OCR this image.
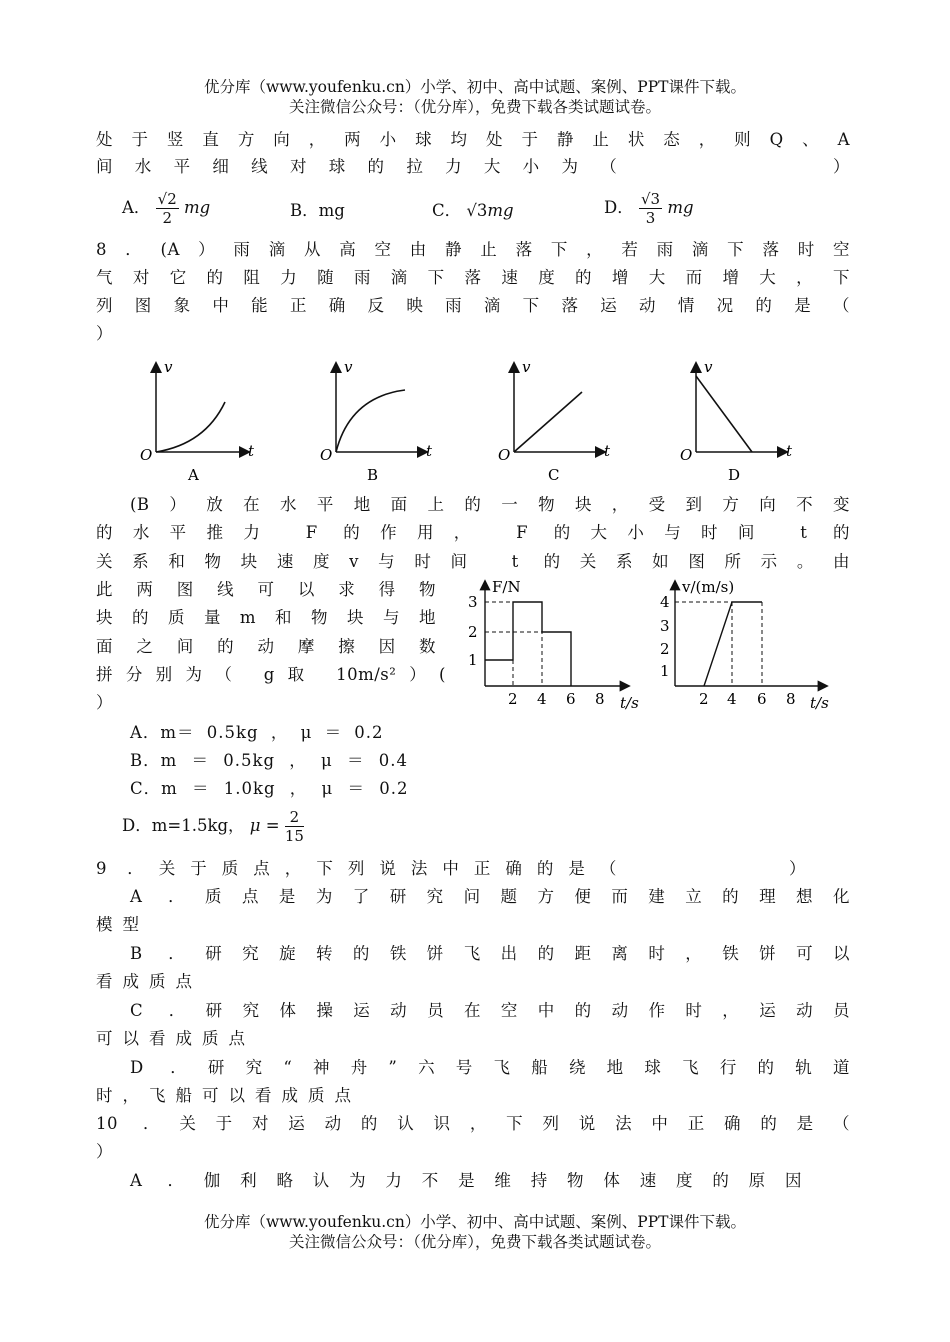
优分库（www.youfenku.cn）小学、初中、高中试题、案例、PPT课件下载。
关注微信公众号：（优分库），免费下载各类试题试卷。
处于竖直方向，两小球均处于静止状态，则Q、A
间水平细线对球的拉力大小为（　　　　　）
A． $\frac{√2}{2}$ mg	B．mg	C． √3mg	D． $\frac{√3}{3}$ mg
8．(A）雨滴从高空由静止落下，若雨滴下落时空
气对它的阻力随雨滴下落速度的增大而增大，下
列图象中能正确反映雨滴下落运动情况的是（
）
v
t
O
A
v
t
O
B
v
t
O
C
v
t
O
D
(B）放在水平地面上的一物块，受到方向不变
的水平推力 F 的作用， F 的大小与时间 t 的
关系和物块速度v与时间 t 的关系如图所示。由
此两图线可以求得物
块的质量m和物块与地
面之间的动摩擦因数
拼分别为（ g取 10m/s²）(
）
F/N
3
2
1
2 4 6 8 t/s
v/(m/s)
4
3
2
1
2 4 6 8 t/s
A．m＝ 0.5kg ， μ ＝ 0.2
B．m ＝ 0.5kg ， μ ＝ 0.4
C．m ＝ 1.0kg ， μ ＝ 0.2
D．m=1.5kg， $\mu = \frac{2}{15}$
9 ．关于质点，下列说法中正确的是（　　　　　）
A ．质点是为了研究问题方便而建立的理想化
模型
B ．研究旋转的铁饼飞出的距离时，铁饼可以
看成质点
C ．研究体操运动员在空中的动作时，运动员
可以看成质点
D ．研究“神舟”六号飞船绕地球飞行的轨道
时，飞船可以看成质点
10 ．关于对运动的认识，下列说法中正确的是（
）
A ．伽利略认为力不是维持物体速度的原因
优分库（www.youfenku.cn）小学、初中、高中试题、案例、PPT课件下载。
关注微信公众号：（优分库），免费下载各类试题试卷。
